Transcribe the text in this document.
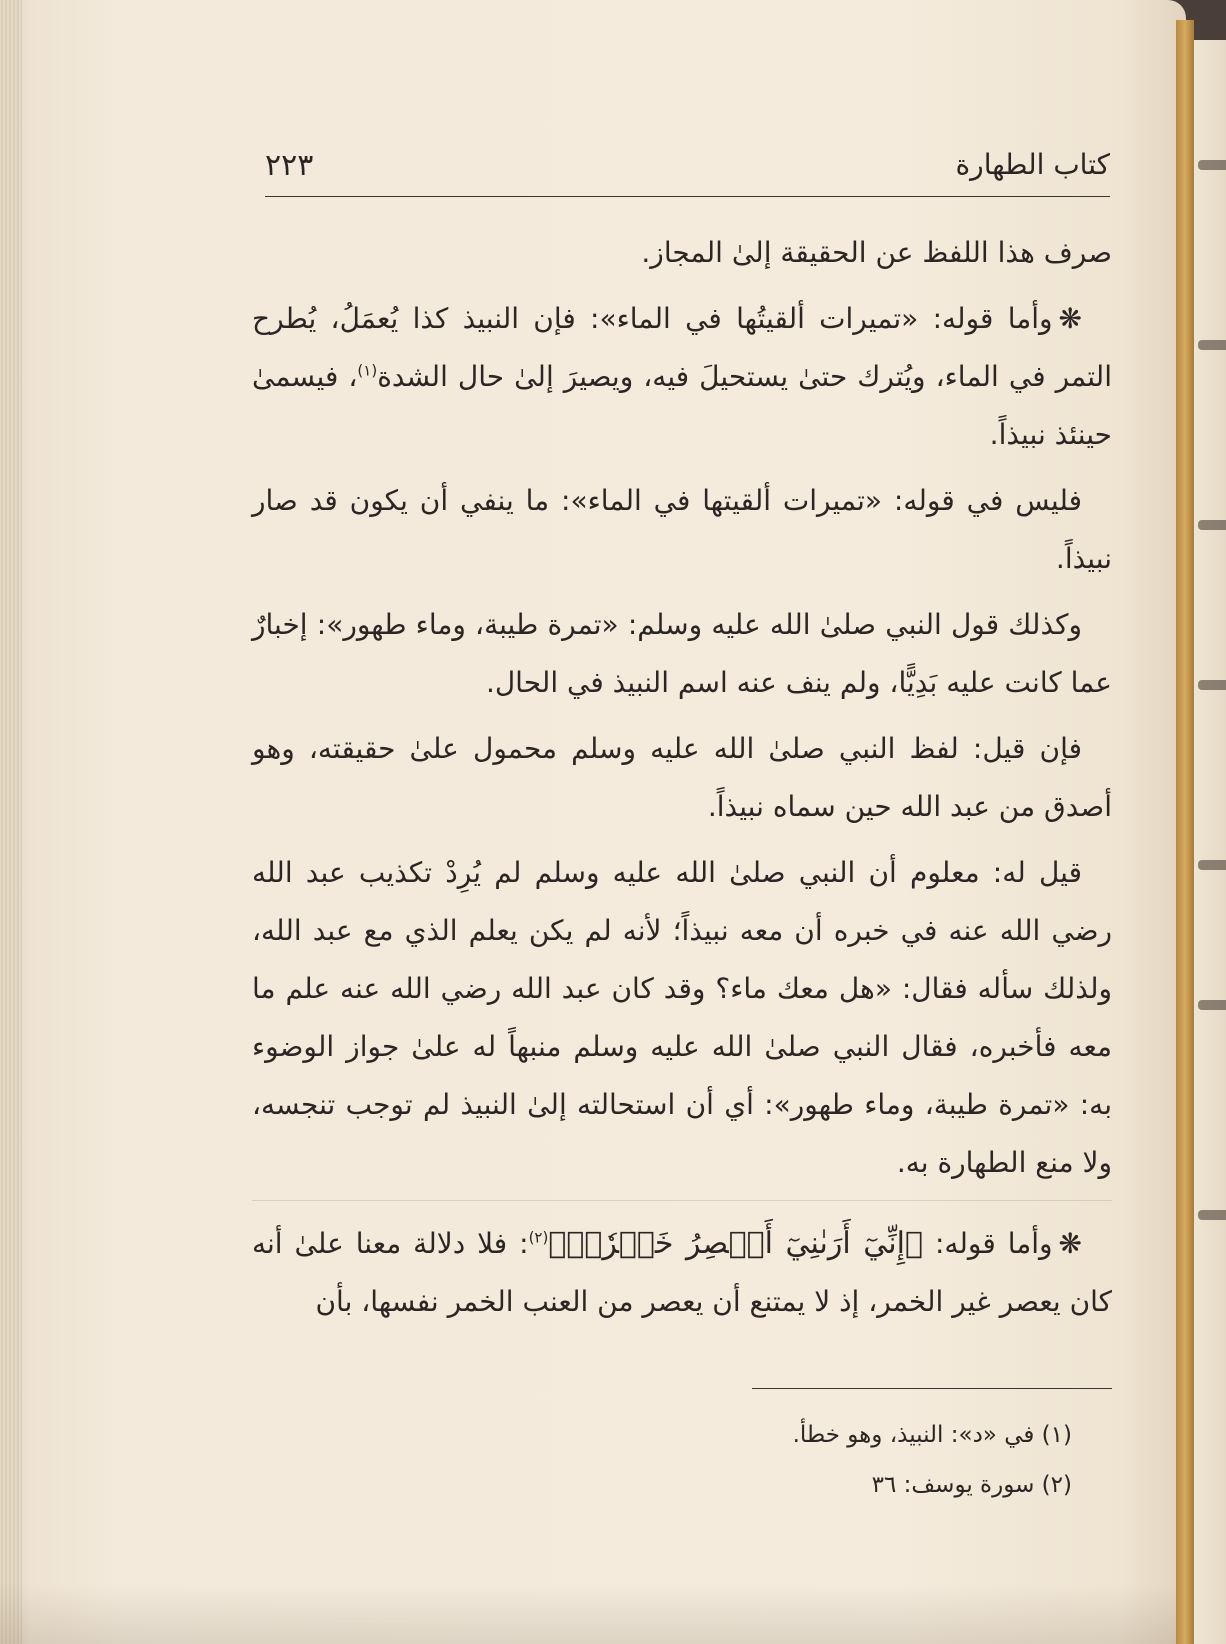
كتاب الطهارة
٢٢٣

صرف هذا اللفظ عن الحقيقة إلىٰ المجاز.

❋وأما قوله: «تميرات ألقيتُها في الماء»: فإن النبيذ كذا يُعمَلُ، يُطرح التمر في الماء، ويُترك حتىٰ يستحيلَ فيه، ويصيرَ إلىٰ حال الشدة$^{(١)}$، فيسمىٰ حينئذ نبيذاً.

فليس في قوله: «تميرات ألقيتها في الماء»: ما ينفي أن يكون قد صار نبيذاً.

وكذلك قول النبي صلىٰ الله عليه وسلم: «تمرة طيبة، وماء طهور»: إخبارٌ عما كانت عليه بَدِيًّا، ولم ينف عنه اسم النبيذ في الحال.

فإن قيل: لفظ النبي صلىٰ الله عليه وسلم محمول علىٰ حقيقته، وهو أصدق من عبد الله حين سماه نبيذاً.

قيل له: معلوم أن النبي صلىٰ الله عليه وسلم لم يُرِدْ تكذيب عبد الله رضي الله عنه في خبره أن معه نبيذاً؛ لأنه لم يكن يعلم الذي مع عبد الله، ولذلك سأله فقال: «هل معك ماء؟ وقد كان عبد الله رضي الله عنه علم ما معه فأخبره، فقال النبي صلىٰ الله عليه وسلم منبهاً له علىٰ جواز الوضوء به: «تمرة طيبة، وماء طهور»: أي أن استحالته إلىٰ النبيذ لم توجب تنجسه، ولا منع الطهارة به.

❋وأما قوله: ﴿إِنِّيٓ أَرَىٰنِيٓ أَعۡصِرُ خَمۡرٗاۖ﴾$^{(٢)}$: فلا دلالة معنا علىٰ أنه كان يعصر غير الخمر، إذ لا يمتنع أن يعصر من العنب الخمر نفسها، بأن

(١) في «د»: النبيذ، وهو خطأ.
(٢) سورة يوسف: ٣٦
